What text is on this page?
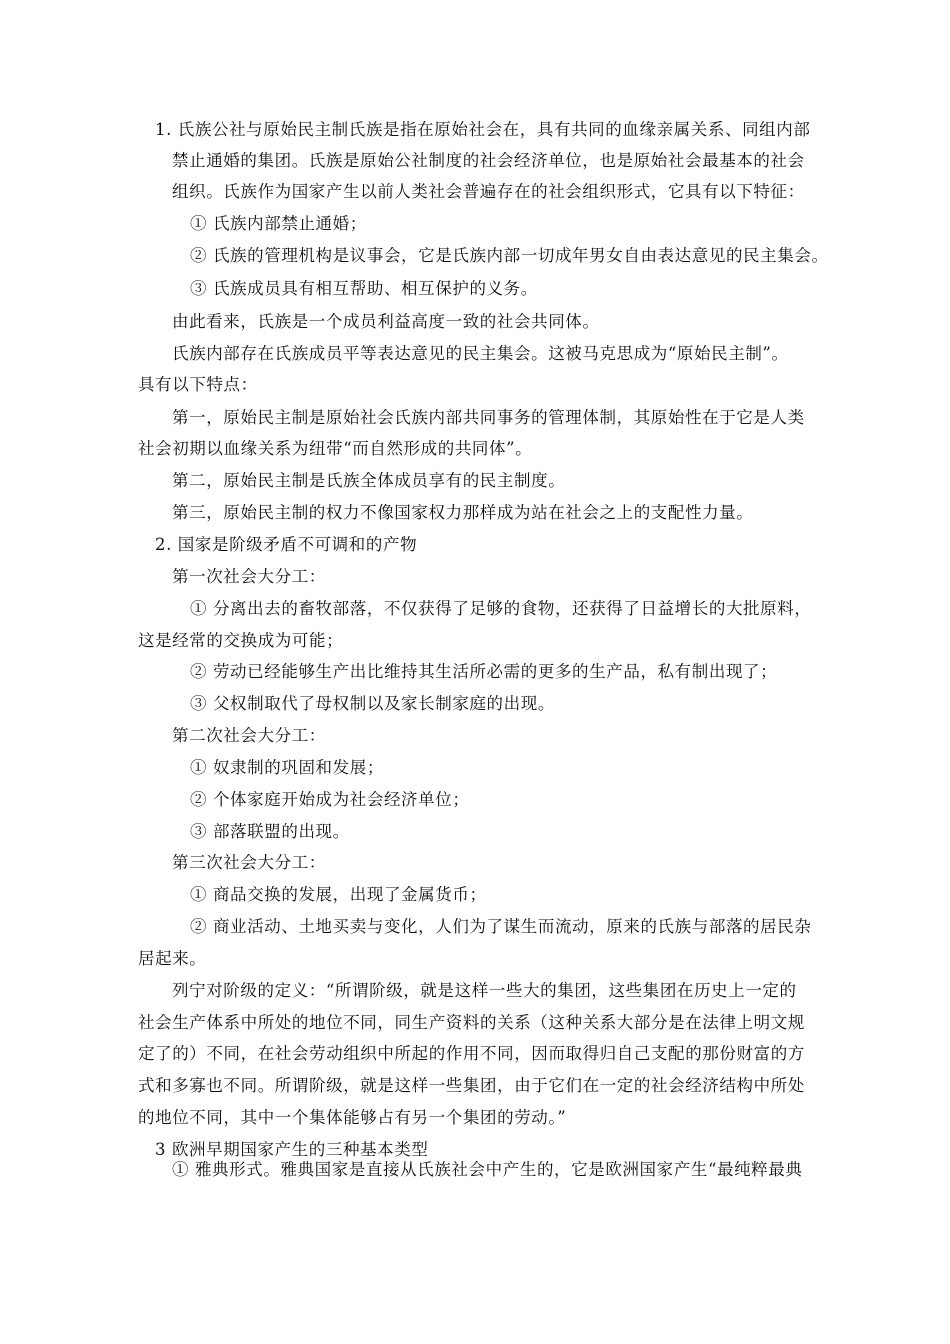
1. 氏族公社与原始民主制氏族是指在原始社会在，具有共同的血缘亲属关系、同组内部
禁止通婚的集团。氏族是原始公社制度的社会经济单位，也是原始社会最基本的社会
组织。氏族作为国家产生以前人类社会普遍存在的社会组织形式，它具有以下特征：
① 氏族内部禁止通婚；
② 氏族的管理机构是议事会，它是氏族内部一切成年男女自由表达意见的民主集会。
③ 氏族成员具有相互帮助、相互保护的义务。
由此看来，氏族是一个成员利益高度一致的社会共同体。
氏族内部存在氏族成员平等表达意见的民主集会。这被马克思成为“原始民主制”。
具有以下特点：
第一，原始民主制是原始社会氏族内部共同事务的管理体制，其原始性在于它是人类
社会初期以血缘关系为纽带“而自然形成的共同体”。
第二，原始民主制是氏族全体成员享有的民主制度。
第三，原始民主制的权力不像国家权力那样成为站在社会之上的支配性力量。
2. 国家是阶级矛盾不可调和的产物
第一次社会大分工：
① 分离出去的畜牧部落，不仅获得了足够的食物，还获得了日益增长的大批原料，
这是经常的交换成为可能；
② 劳动已经能够生产出比维持其生活所必需的更多的生产品，私有制出现了；
③ 父权制取代了母权制以及家长制家庭的出现。
第二次社会大分工：
① 奴隶制的巩固和发展；
② 个体家庭开始成为社会经济单位；
③ 部落联盟的出现。
第三次社会大分工：
① 商品交换的发展，出现了金属货币；
② 商业活动、土地买卖与变化，人们为了谋生而流动，原来的氏族与部落的居民杂
居起来。
列宁对阶级的定义：“所谓阶级，就是这样一些大的集团，这些集团在历史上一定的
社会生产体系中所处的地位不同，同生产资料的关系（这种关系大部分是在法律上明文规
定了的）不同，在社会劳动组织中所起的作用不同，因而取得归自己支配的那份财富的方
式和多寡也不同。所谓阶级，就是这样一些集团，由于它们在一定的社会经济结构中所处
的地位不同，其中一个集体能够占有另一个集团的劳动。”
3 欧洲早期国家产生的三种基本类型
① 雅典形式。雅典国家是直接从氏族社会中产生的，它是欧洲国家产生“最纯粹最典
